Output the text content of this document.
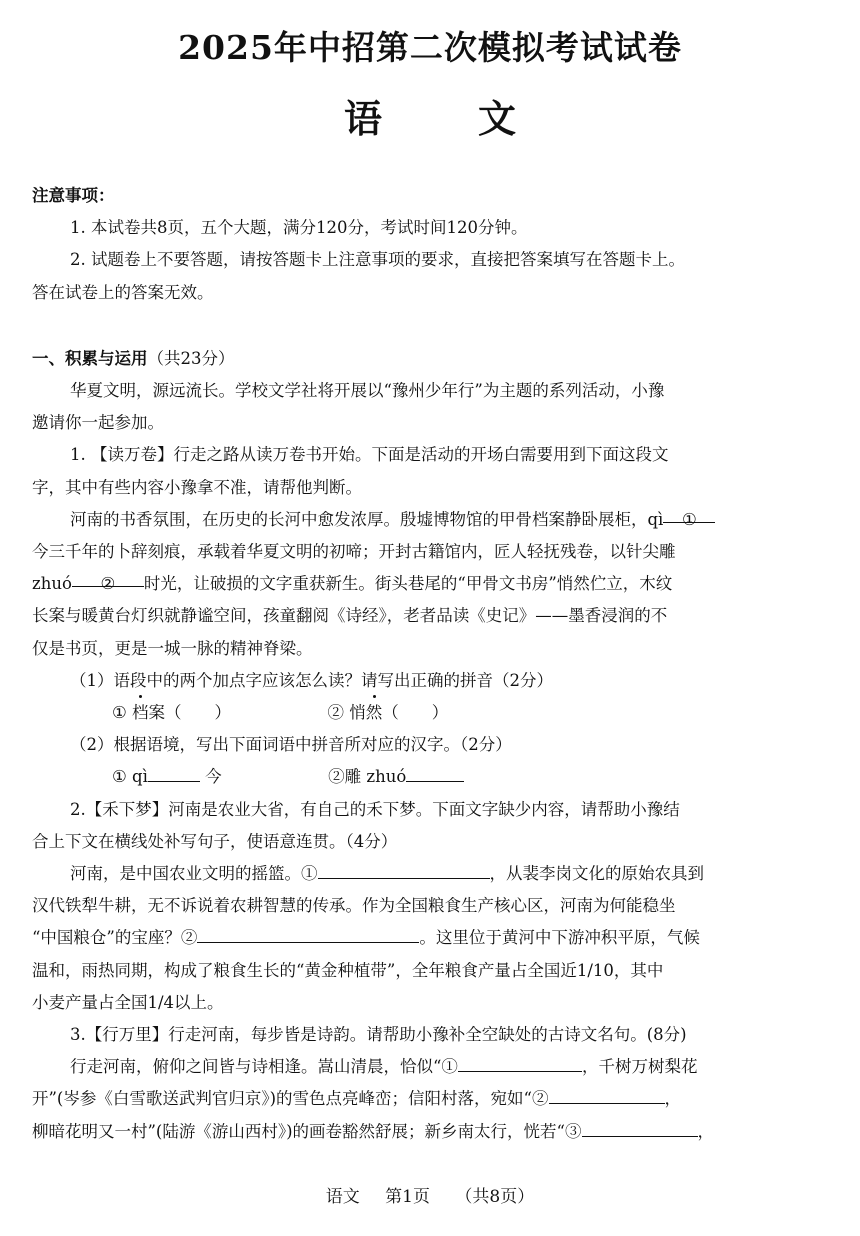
2025年中招第二次模拟考试试卷
语文
注意事项：
1. 本试卷共8页，五个大题，满分120分，考试时间120分钟。
2. 试题卷上不要答题，请按答题卡上注意事项的要求，直接把答案填写在答题卡上。
答在试卷上的答案无效。
一、积累与运用（共23分）
华夏文明，源远流长。学校文学社将开展以“豫州少年行”为主题的系列活动，小豫
邀请你一起参加。
1. 【读万卷】行走之路从读万卷书开始。下面是活动的开场白需要用到下面这段文
字，其中有些内容小豫拿不准，请帮他判断。
河南的书香氛围，在历史的长河中愈发浓厚。殷墟博物馆的甲骨档案静卧展柜，qì ①
今三千年的卜辞刻痕，承载着华夏文明的初啼；开封古籍馆内，匠人轻抚残卷，以针尖雕
zhuó ② 时光，让破损的文字重获新生。街头巷尾的“甲骨文书房”悄然伫立，木纹
长案与暖黄台灯织就静谧空间，孩童翻阅《诗经》，老者品读《史记》——墨香浸润的不
仅是书页，更是一城一脉的精神脊梁。
（1）语段中的两个加点字应该怎么读？请写出正确的拼音（2分）
① 档案（　　）	② 悄然（　　）
（2）根据语境，写出下面词语中拼音所对应的汉字。（2分）
① qì	今	②雕 zhuó
2.【禾下梦】河南是农业大省，有自己的禾下梦。下面文字缺少内容，请帮助小豫结
合上下文在横线处补写句子，使语意连贯。（4分）
河南，是中国农业文明的摇篮。①	，从裴李岗文化的原始农具到
汉代铁犁牛耕，无不诉说着农耕智慧的传承。作为全国粮食生产核心区，河南为何能稳坐
“中国粮仓”的宝座？②	。这里位于黄河中下游冲积平原，气候
温和，雨热同期，构成了粮食生长的“黄金种植带”，全年粮食产量占全国近1/10，其中
小麦产量占全国1/4以上。
3.【行万里】行走河南，每步皆是诗韵。请帮助小豫补全空缺处的古诗文名句。(8分)
行走河南，俯仰之间皆与诗相逢。嵩山清晨，恰似“①	，千树万树梨花
开”(岑参《白雪歌送武判官归京》)的雪色点亮峰峦；信阳村落，宛如“②	，
柳暗花明又一村”(陆游《游山西村》)的画卷豁然舒展；新乡南太行，恍若“③	，
语文 第1页 （共8页）
